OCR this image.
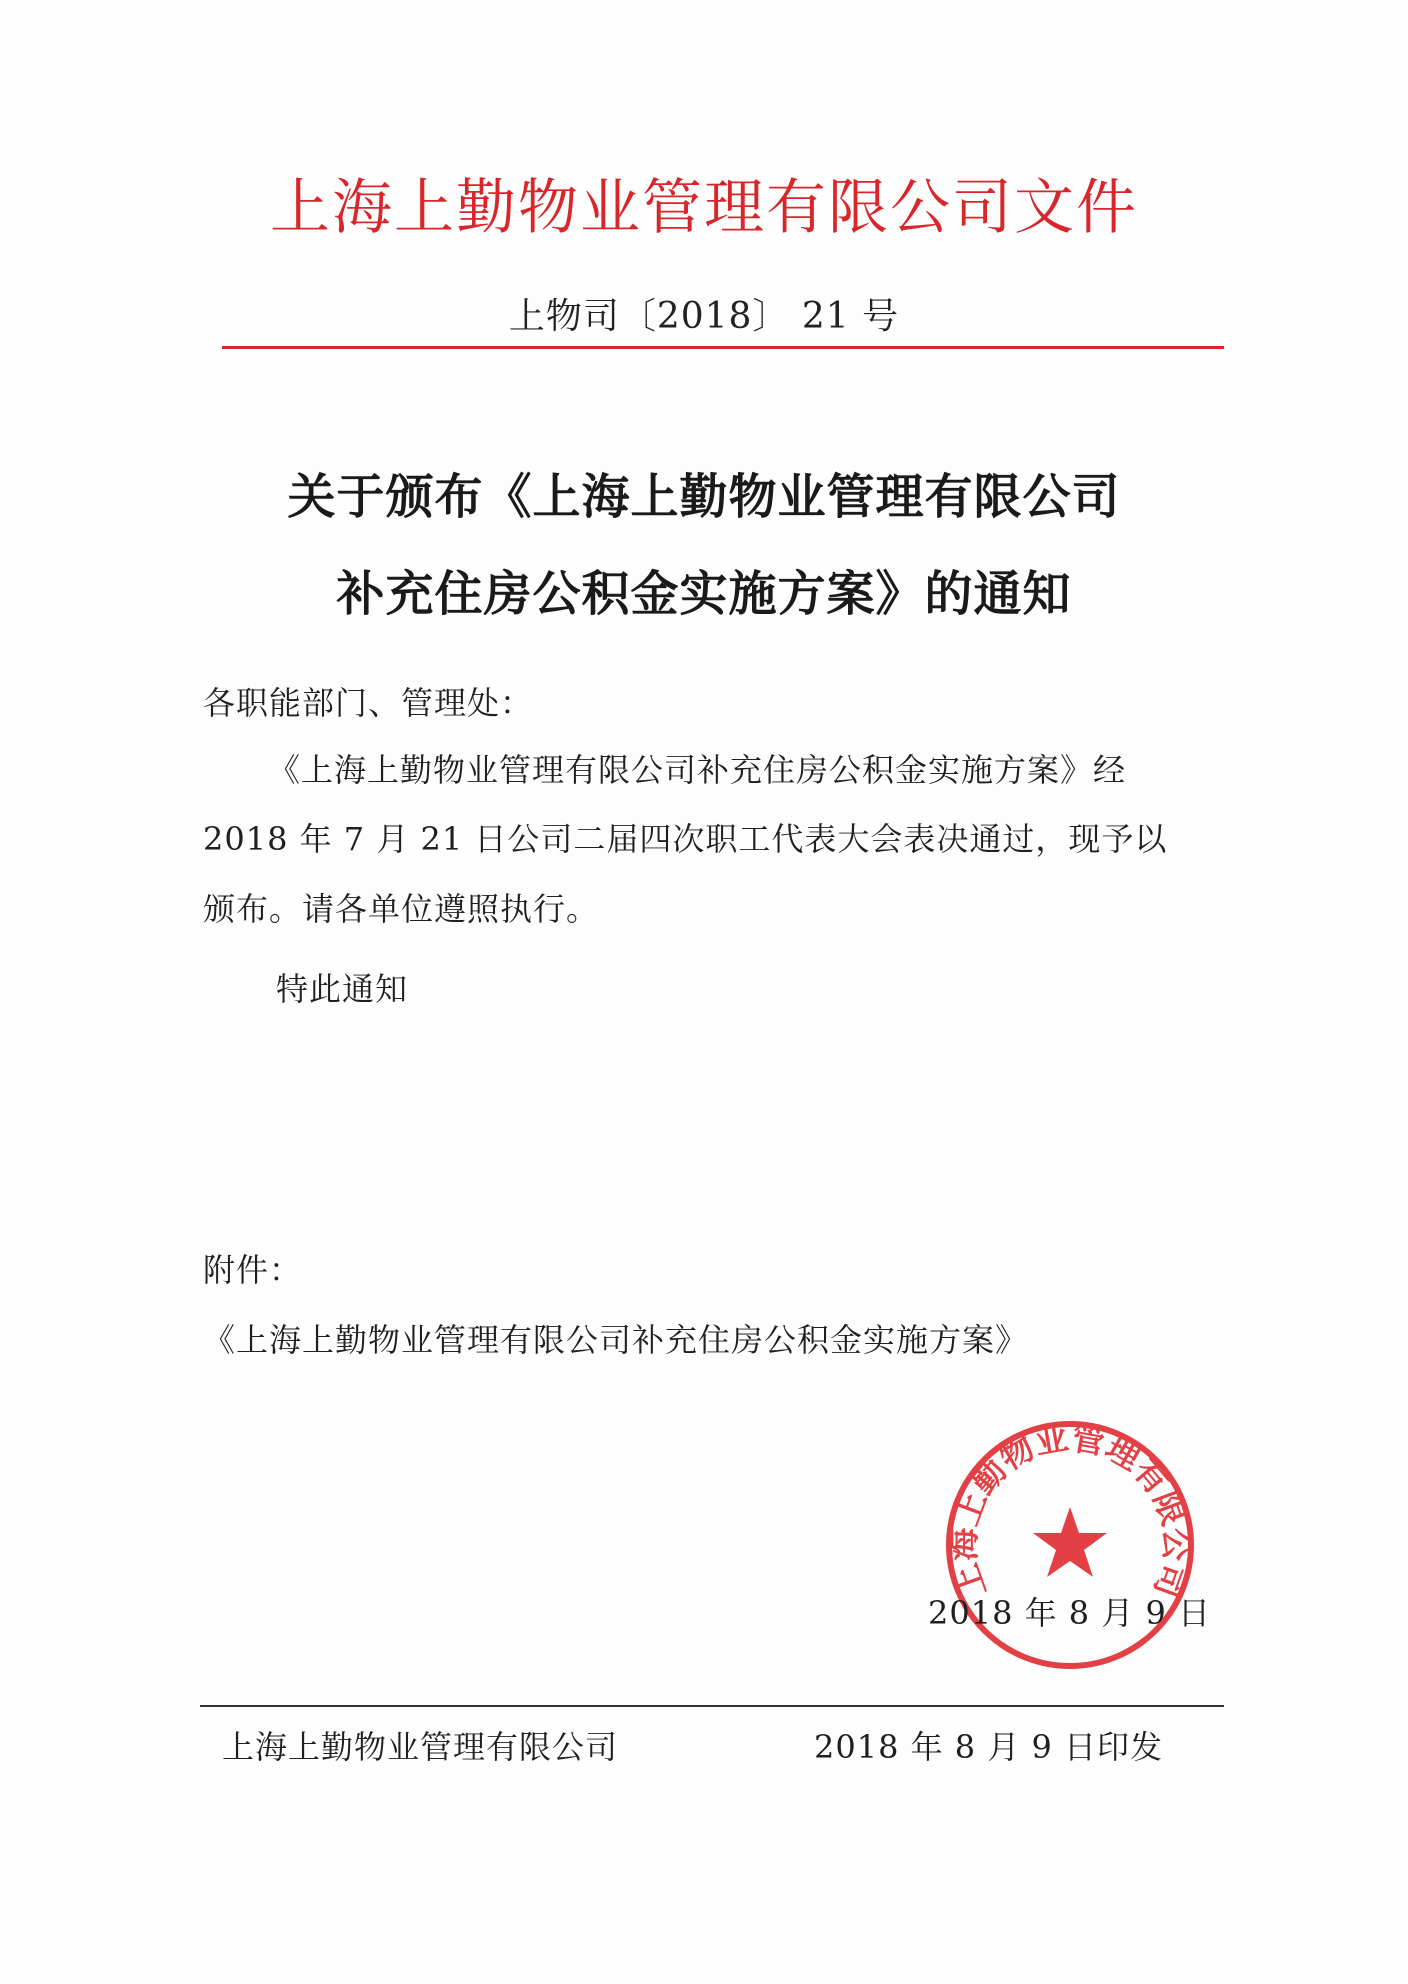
上海上勤物业管理有限公司文件
上物司〔2018〕 21 号
关于颁布《上海上勤物业管理有限公司
补充住房公积金实施方案》的通知
各职能部门、管理处：
《上海上勤物业管理有限公司补充住房公积金实施方案》经
2018 年 7 月 21 日公司二届四次职工代表大会表决通过，现予以
颁布。请各单位遵照执行。
特此通知
附件：
《上海上勤物业管理有限公司补充住房公积金实施方案》
上海上勤物业管理有限公司
2018 年 8 月 9 日
上海上勤物业管理有限公司	2018 年 8 月 9 日印发
